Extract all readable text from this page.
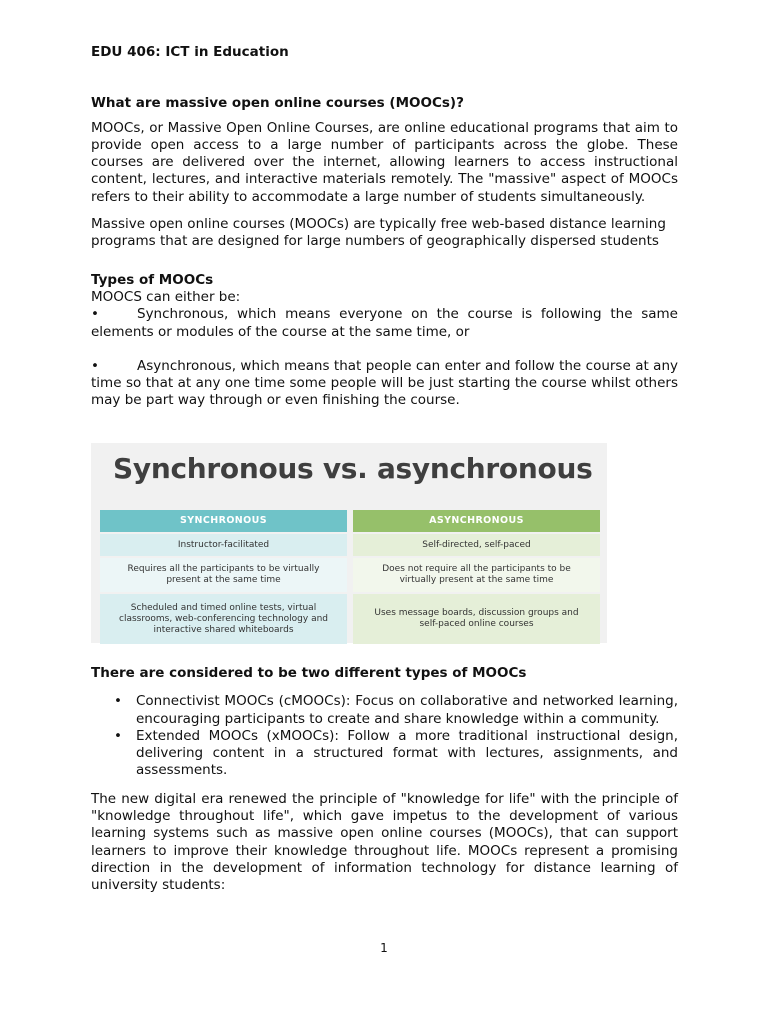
EDU 406: ICT in Education
What are massive open online courses (MOOCs)?

MOOCs, or Massive Open Online Courses, are online educational programs that aim to provide open access to a large number of participants across the globe. These courses are delivered over the internet, allowing learners to access instructional content, lectures, and interactive materials remotely. The "massive" aspect of MOOCs refers to their ability to accommodate a large number of students simultaneously.

Massive open online courses (MOOCs) are typically free web-based distance learning programs that are designed for large numbers of geographically dispersed students

Types of MOOCs
MOOCS can either be:
•	Synchronous, which means everyone on the course is following the same elements or modules of the course at the same time, or
•	Asynchronous, which means that people can enter and follow the course at any time so that at any one time some people will be just starting the course whilst others may be part way through or even finishing the course.
Synchronous vs. asynchronous
SYNCHRONOUS
Instructor-facilitated
Requires all the participants to be virtually present at the same time
Scheduled and timed online tests, virtual classrooms, web-conferencing technology and interactive shared whiteboards
ASYNCHRONOUS
Self-directed, self-paced
Does not require all the participants to be virtually present at the same time
Uses message boards, discussion groups and self-paced online courses
There are considered to be two different types of MOOCs
• Connectivist MOOCs (cMOOCs): Focus on collaborative and networked learning, encouraging participants to create and share knowledge within a community.
• Extended MOOCs (xMOOCs): Follow a more traditional instructional design, delivering content in a structured format with lectures, assignments, and assessments.

The new digital era renewed the principle of "knowledge for life" with the principle of "knowledge throughout life", which gave impetus to the development of various learning systems such as massive open online courses (MOOCs), that can support learners to improve their knowledge throughout life. MOOCs represent a promising direction in the development of information technology for distance learning of university students:

1
